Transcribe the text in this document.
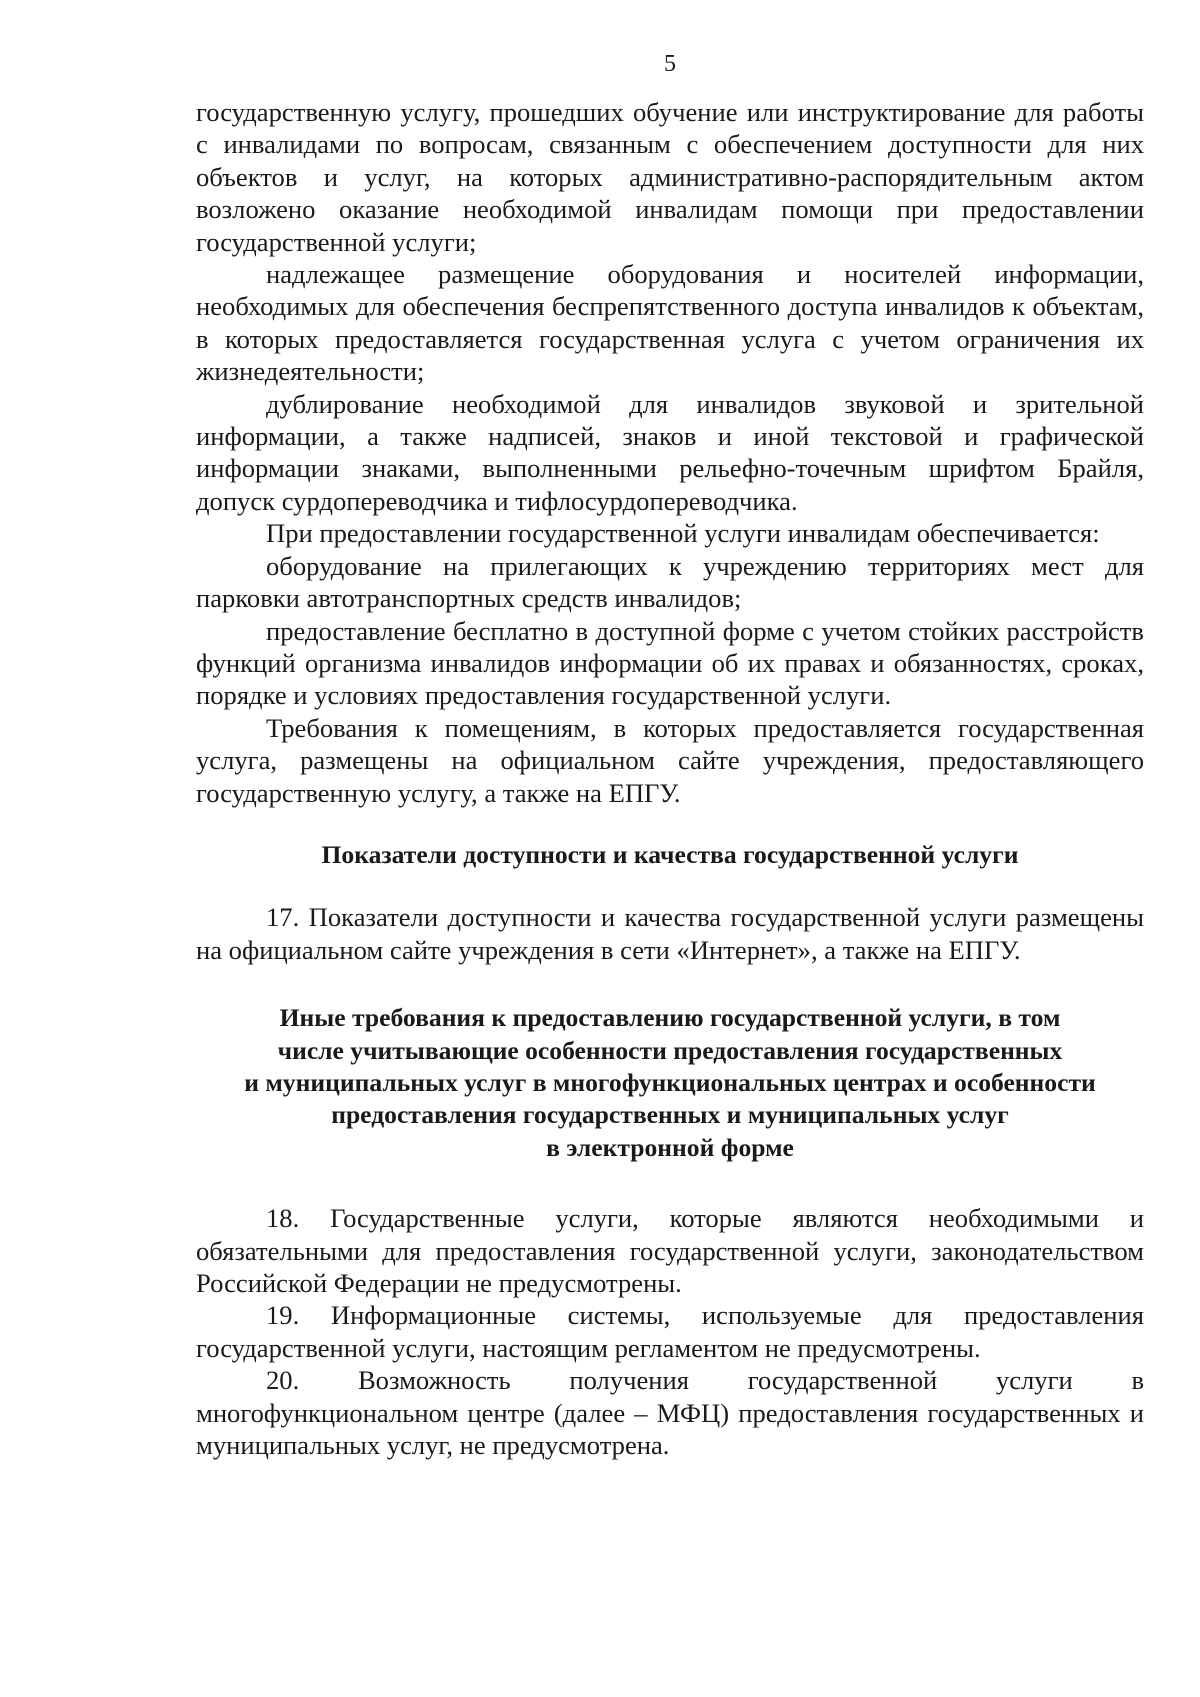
5

государственную услугу, прошедших обучение или инструктирование для работы с инвалидами по вопросам, связанным с обеспечением доступности для них объектов и услуг, на которых административно-распорядительным актом возложено оказание необходимой инвалидам помощи при предоставлении государственной услуги;

надлежащее размещение оборудования и носителей информации, необходимых для обеспечения беспрепятственного доступа инвалидов к объектам, в которых предоставляется государственная услуга с учетом ограничения их жизнедеятельности;

дублирование необходимой для инвалидов звуковой и зрительной информации, а также надписей, знаков и иной текстовой и графической информации знаками, выполненными рельефно-точечным шрифтом Брайля, допуск сурдопереводчика и тифлосурдопереводчика.

При предоставлении государственной услуги инвалидам обеспечивается:

оборудование на прилегающих к учреждению территориях мест для парковки автотранспортных средств инвалидов;

предоставление бесплатно в доступной форме с учетом стойких расстройств функций организма инвалидов информации об их правах и обязанностях, сроках, порядке и условиях предоставления государственной услуги.

Требования к помещениям, в которых предоставляется государственная услуга, размещены на официальном сайте учреждения, предоставляющего государственную услугу, а также на ЕПГУ.

Показатели доступности и качества государственной услуги

17. Показатели доступности и качества государственной услуги размещены на официальном сайте учреждения в сети «Интернет», а также на ЕПГУ.

Иные требования к предоставлению государственной услуги, в том
числе учитывающие особенности предоставления государственных
и муниципальных услуг в многофункциональных центрах и особенности
предоставления государственных и муниципальных услуг
в электронной форме

18. Государственные услуги, которые являются необходимыми и обязательными для предоставления государственной услуги, законодательством Российской Федерации не предусмотрены.

19. Информационные системы, используемые для предоставления государственной услуги, настоящим регламентом не предусмотрены.

20. Возможность получения государственной услуги в многофункциональном центре (далее – МФЦ) предоставления государственных и муниципальных услуг, не предусмотрена.
